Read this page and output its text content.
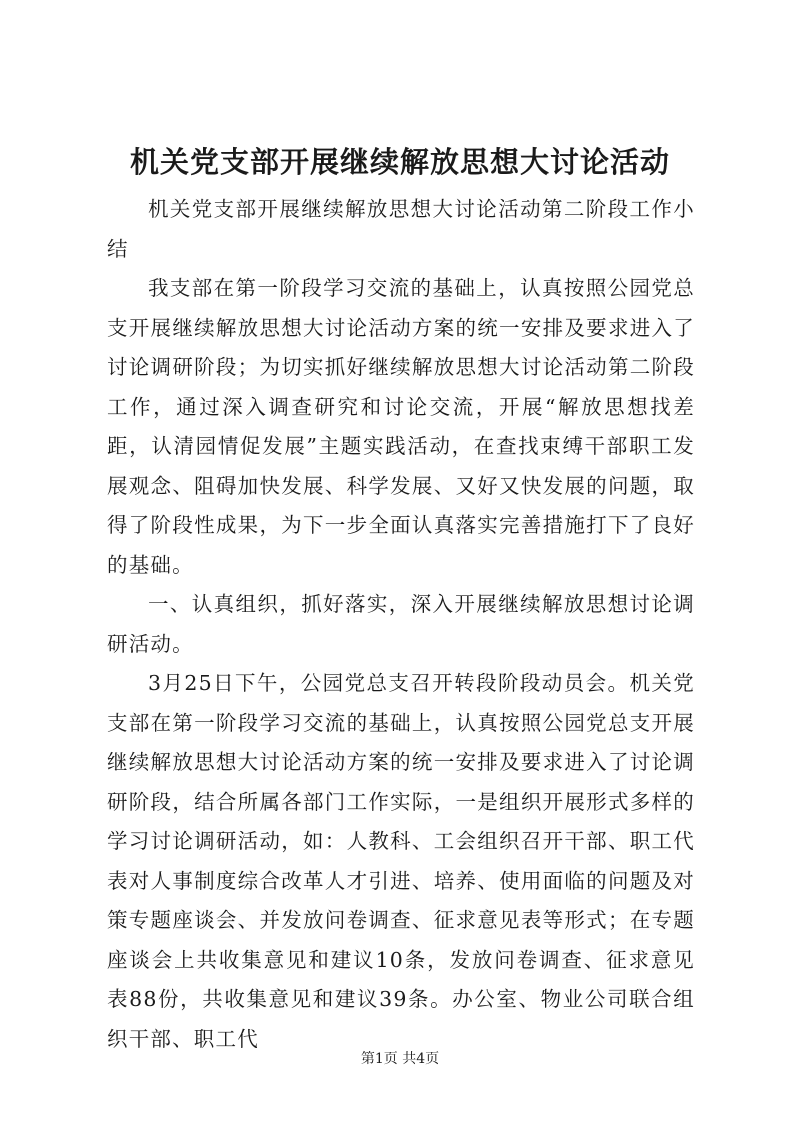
机关党支部开展继续解放思想大讨论活动

机关党支部开展继续解放思想大讨论活动第二阶段工作小结

我支部在第一阶段学习交流的基础上，认真按照公园党总支开展继续解放思想大讨论活动方案的统一安排及要求进入了讨论调研阶段；为切实抓好继续解放思想大讨论活动第二阶段工作，通过深入调查研究和讨论交流，开展“解放思想找差距，认清园情促发展”主题实践活动，在查找束缚干部职工发展观念、阻碍加快发展、科学发展、又好又快发展的问题，取得了阶段性成果，为下一步全面认真落实完善措施打下了良好的基础。

一、认真组织，抓好落实，深入开展继续解放思想讨论调研活动。

3月25日下午，公园党总支召开转段阶段动员会。机关党支部在第一阶段学习交流的基础上，认真按照公园党总支开展继续解放思想大讨论活动方案的统一安排及要求进入了讨论调研阶段，结合所属各部门工作实际，一是组织开展形式多样的学习讨论调研活动，如：人教科、工会组织召开干部、职工代表对人事制度综合改革人才引进、培养、使用面临的问题及对策专题座谈会、并发放问卷调查、征求意见表等形式；在专题座谈会上共收集意见和建议10条，发放问卷调查、征求意见表88份，共收集意见和建议39条。办公室、物业公司联合组织干部、职工代

第1页 共4页
